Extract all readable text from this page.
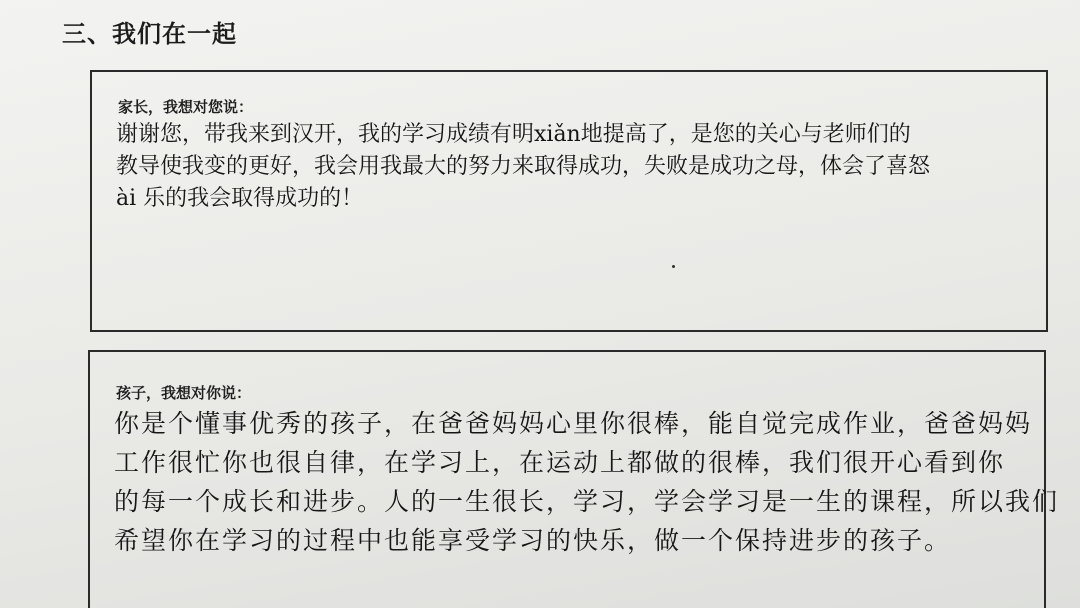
三、我们在一起
家长，我想对您说：
谢谢您，带我来到汉开，我的学习成绩有明xiǎn地提高了，是您的关心与老师们的
教导使我变的更好，我会用我最大的努力来取得成功，失败是成功之母，体会了喜怒
ài 乐的我会取得成功的！
孩子，我想对你说：
你是个懂事优秀的孩子，在爸爸妈妈心里你很棒，能自觉完成作业，爸爸妈妈
工作很忙你也很自律，在学习上，在运动上都做的很棒，我们很开心看到你
的每一个成长和进步。人的一生很长，学习，学会学习是一生的课程，所以我们
希望你在学习的过程中也能享受学习的快乐，做一个保持进步的孩子。
